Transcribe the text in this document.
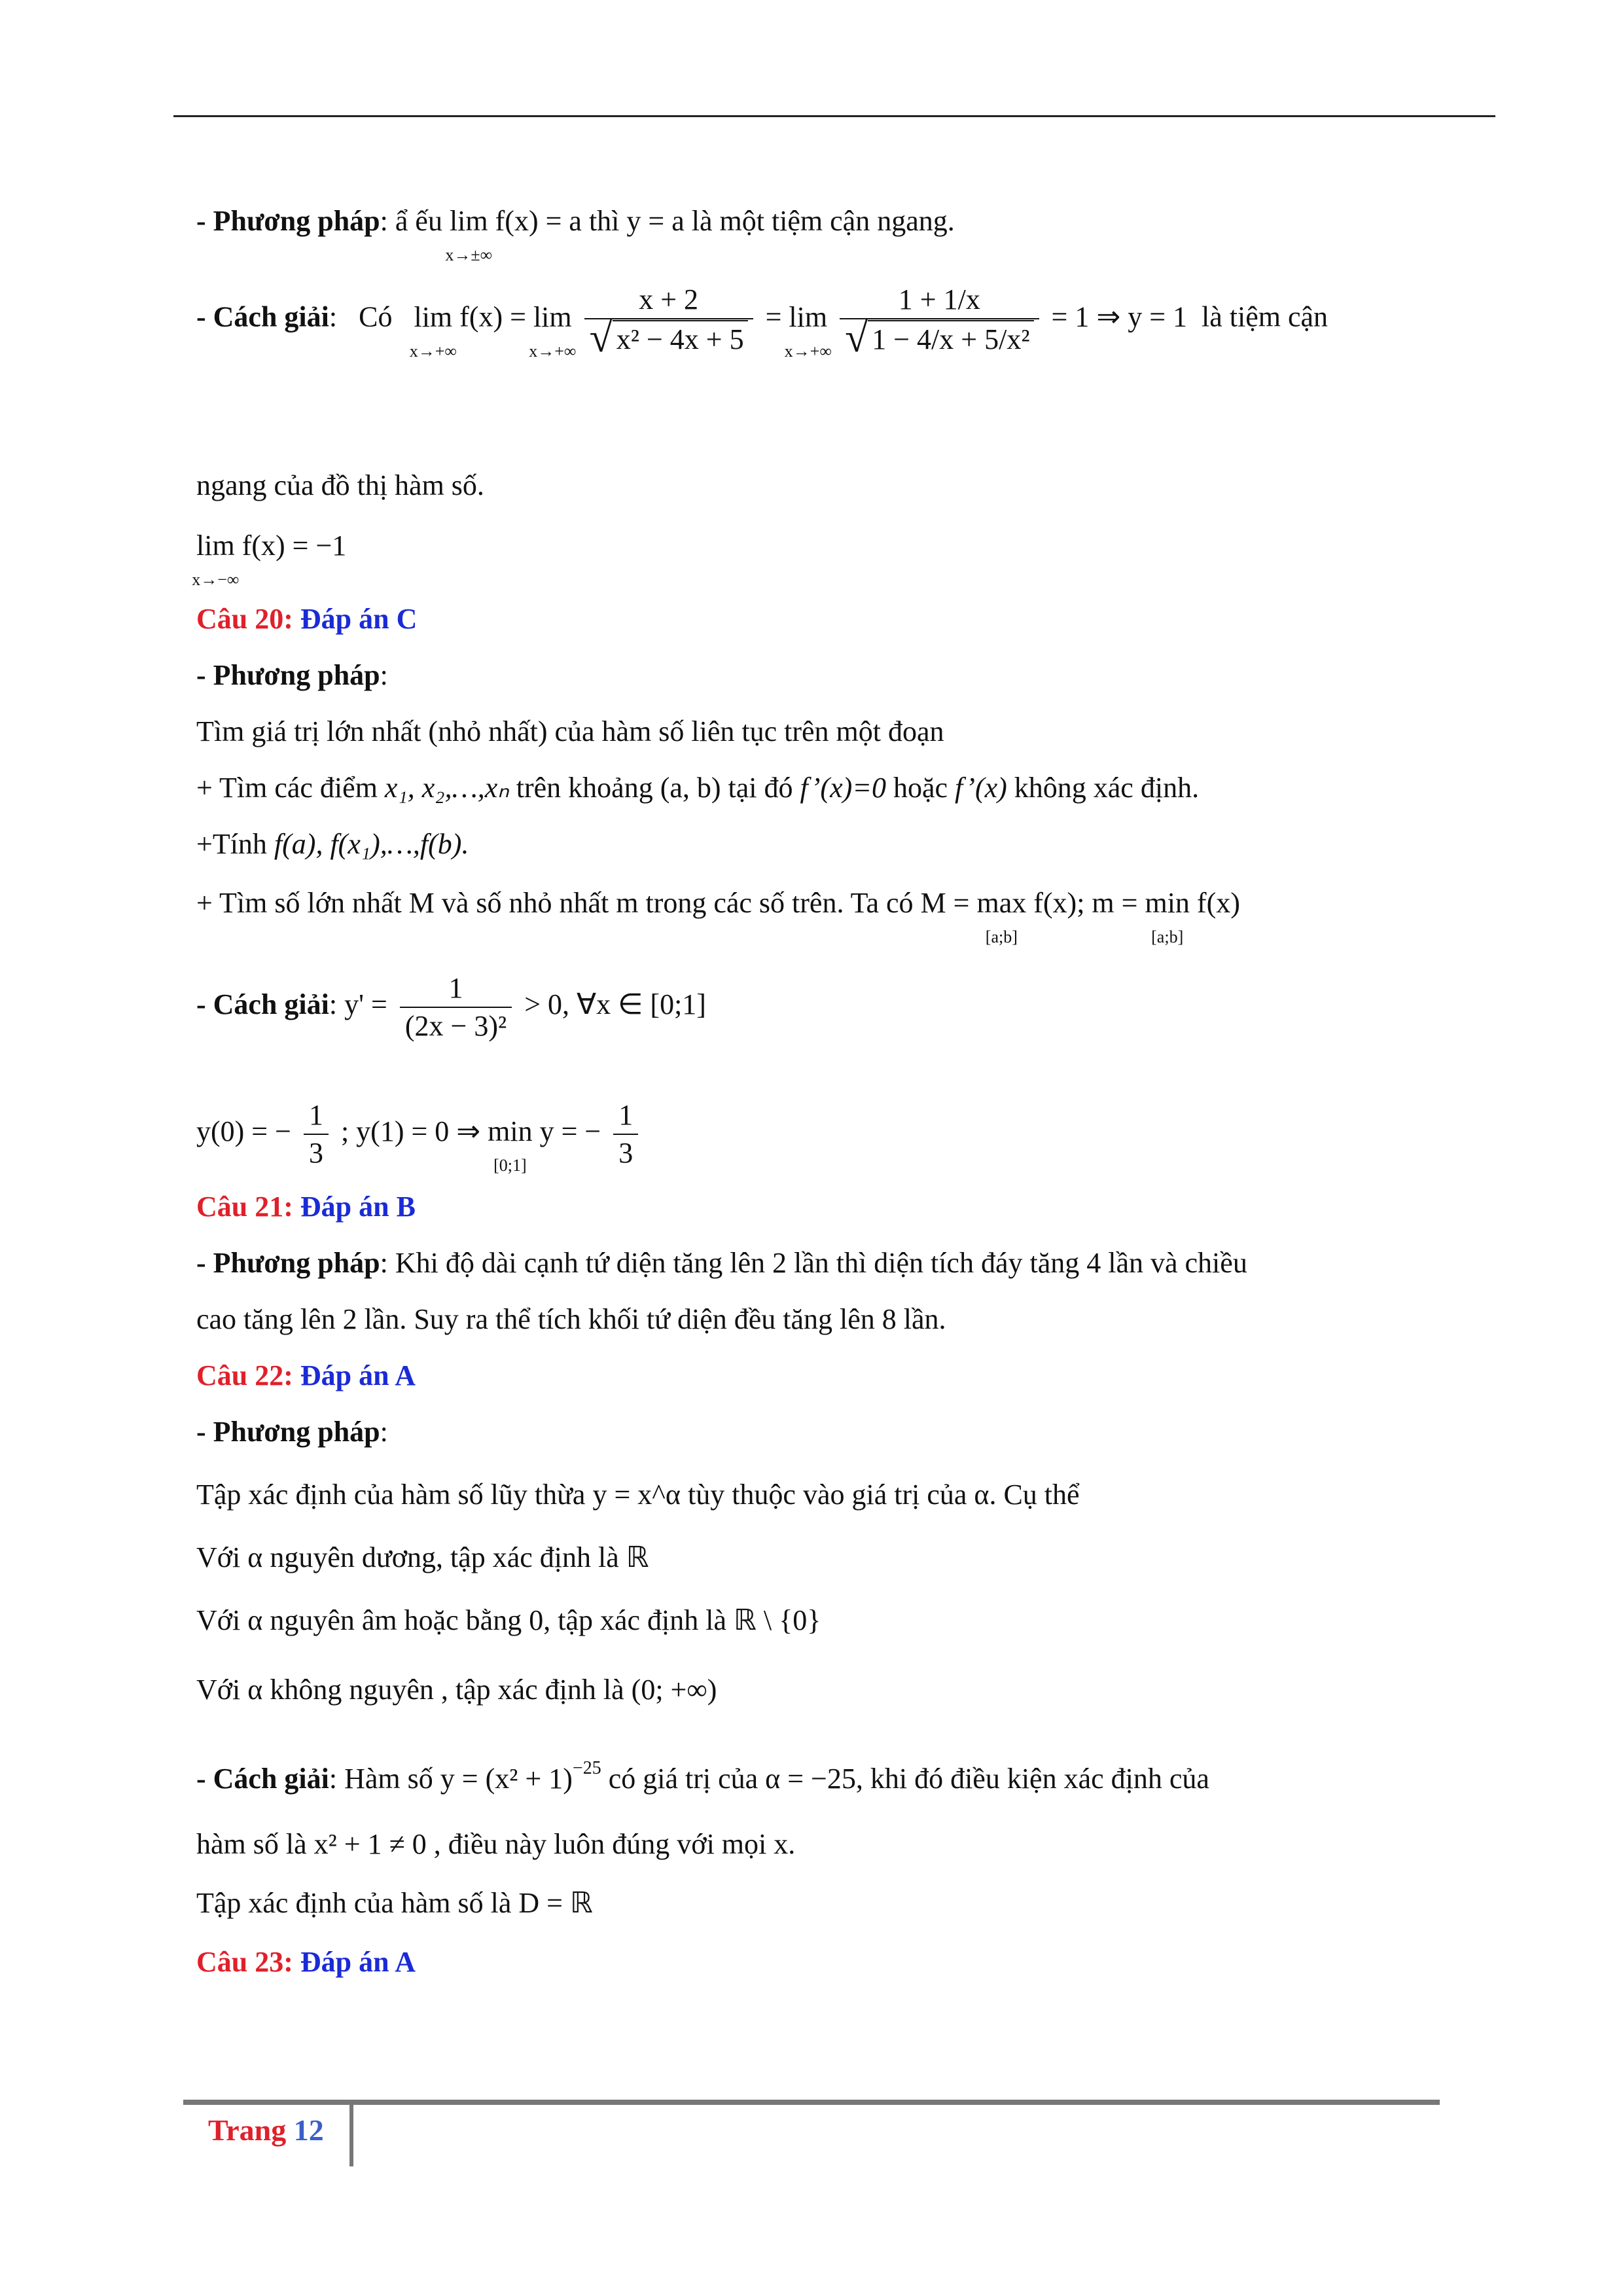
- Phương pháp: ẩ ếu lim
x→±∞
f(x) = a thì y = a là một tiệm cận ngang.
- Cách giải: Có lim
x→+∞
f(x) = lim
x→+∞
$\frac{x + 2}{\text{√ x² − 4x + 5}} = \lim$
x→+∞
$\frac{1 + 1/x}{\text{√ 1 − 4/x + 5/x²}} = 1$ ⇒ y = 1 là tiệm cận
ngang của đồ thị hàm số.
lim
x→−∞
f(x) = −1
Câu 20: Đáp án C
- Phương pháp:
Tìm giá trị lớn nhất (nhỏ nhất) của hàm số liên tục trên một đoạn
+ Tìm các điểm x₁, x₂,…,xₙ trên khoảng (a, b) tại đó f’(x)=0 hoặc f’(x) không xác định.
+Tính f(a), f(x₁),…,f(b).
+ Tìm số lớn nhất M và số nhỏ nhất m trong các số trên. Ta có M = max
[a;b]
f(x); m = min
[a;b]
f(x)
- Cách giải: $y' = \frac{1}{\text{(2x − 3)²}} > 0$, ∀x ∈ [0;1]
y(0) = − $\frac{1}{3}$ ; y(1) = 0 ⇒ min
[0;1]
y = − $\frac{1}{3}$
Câu 21: Đáp án B
- Phương pháp: Khi độ dài cạnh tứ diện tăng lên 2 lần thì diện tích đáy tăng 4 lần và chiều
cao tăng lên 2 lần. Suy ra thể tích khối tứ diện đều tăng lên 8 lần.
Câu 22: Đáp án A
- Phương pháp:
Tập xác định của hàm số lũy thừa y = x^α tùy thuộc vào giá trị của α. Cụ thể
Với α nguyên dương, tập xác định là ℝ
Với α nguyên âm hoặc bằng 0, tập xác định là ℝ \ {0}
Với α không nguyên , tập xác định là (0; +∞)
- Cách giải: Hàm số $y = (x^2 + 1)^{-25}$ có giá trị của α = −25, khi đó điều kiện xác định của
hàm số là x² + 1 ≠ 0 , điều này luôn đúng với mọi x.
Tập xác định của hàm số là D = ℝ
Câu 23: Đáp án A
Trang 12
